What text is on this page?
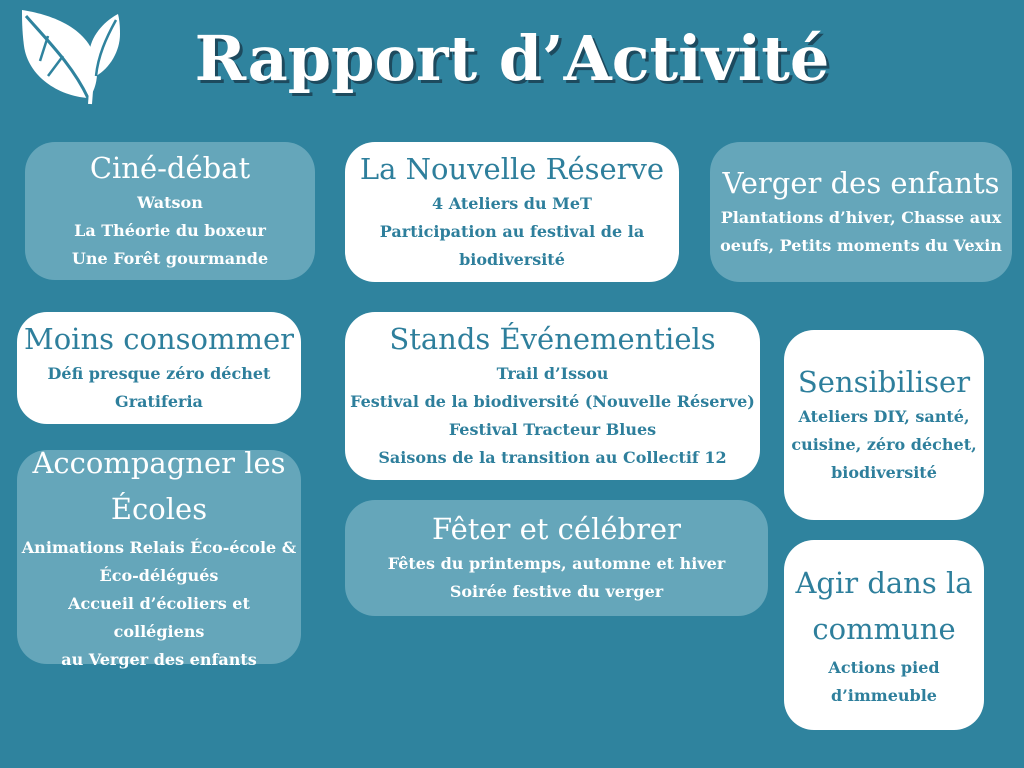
Rapport d’Activité
Ciné-débat
Watson
La Théorie du boxeur
Une Forêt gourmande
La Nouvelle Réserve
4 Ateliers du MeT
Participation au festival de la
biodiversité
Verger des enfants
Plantations d’hiver, Chasse aux
oeufs, Petits moments du Vexin
Moins consommer
Défi presque zéro déchet
Gratiferia
Stands Événementiels
Trail d’Issou
Festival de la biodiversité (Nouvelle Réserve)
Festival Tracteur Blues
Saisons de la transition au Collectif 12
Sensibiliser
Ateliers DIY, santé,
cuisine, zéro déchet,
biodiversité
Accompagner les
Écoles
Animations Relais Éco-école &
Éco-délégués
Accueil d’écoliers et collégiens
au Verger des enfants
Fêter et célébrer
Fêtes du printemps, automne et hiver
Soirée festive du verger	Agir dans la
commune
Actions pied
d’immeuble
